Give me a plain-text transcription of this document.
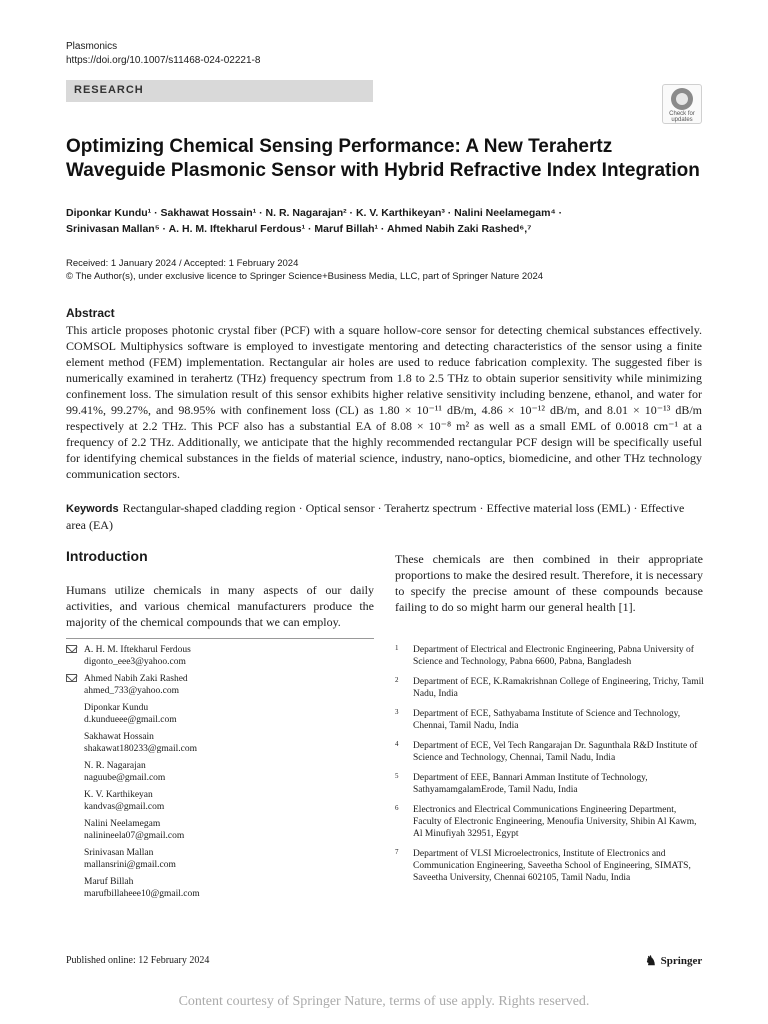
Plasmonics
https://doi.org/10.1007/s11468-024-02221-8
RESEARCH
Check for
updates
Optimizing Chemical Sensing Performance: A New Terahertz Waveguide Plasmonic Sensor with Hybrid Refractive Index Integration
Diponkar Kundu¹ · Sakhawat Hossain¹ · N. R. Nagarajan² · K. V. Karthikeyan³ · Nalini Neelamegam⁴ ·
Srinivasan Mallan⁵ · A. H. M. Iftekharul Ferdous¹ · Maruf Billah¹ · Ahmed Nabih Zaki Rashed⁶,⁷
Received: 1 January 2024 / Accepted: 1 February 2024
© The Author(s), under exclusive licence to Springer Science+Business Media, LLC, part of Springer Nature 2024
Abstract

This article proposes photonic crystal fiber (PCF) with a square hollow-core sensor for detecting chemical substances effectively. COMSOL Multiphysics software is employed to investigate mentoring and detecting characteristics of the sensor using a finite element method (FEM) implementation. Rectangular air holes are used to reduce fabrication complexity. The suggested fiber is numerically examined in terahertz (THz) frequency spectrum from 1.8 to 2.5 THz to obtain superior sensitivity while minimizing confinement loss. The simulation result of this sensor exhibits higher relative sensitivity including benzene, ethanol, and water for 99.41%, 99.27%, and 98.95% with confinement loss (CL) as 1.80 × 10⁻¹¹ dB/m, 4.86 × 10⁻¹² dB/m, and 8.01 × 10⁻¹³ dB/m respectively at 2.2 THz. This PCF also has a substantial EA of 8.08 × 10⁻⁸ m² as well as a small EML of 0.0018 cm⁻¹ at a frequency of 2.2 THz. Additionally, we anticipate that the highly recommended rectangular PCF design will be specifically useful for identifying chemical substances in the fields of material science, industry, nano-optics, biomedicine, and other THz technology communication sectors.

Keywords Rectangular-shaped cladding region · Optical sensor · Terahertz spectrum · Effective material loss (EML) · Effective area (EA)
Introduction

Humans utilize chemicals in many aspects of our daily activities, and various chemical manufacturers produce the majority of the chemical compounds that we can employ.

These chemicals are then combined in their appropriate proportions to make the desired result. Therefore, it is necessary to specify the precise amount of these compounds because failing to do so might harm our general health [1].

A. H. M. Iftekharul Ferdous
digonto_eee3@yahoo.com
Ahmed Nabih Zaki Rashed
ahmed_733@yahoo.com
Diponkar Kundu
d.kundueee@gmail.com
Sakhawat Hossain
shakawat180233@gmail.com
N. R. Nagarajan
naguube@gmail.com
K. V. Karthikeyan
kandvas@gmail.com
Nalini Neelamegam
nalinineela07@gmail.com
Srinivasan Mallan
mallansrini@gmail.com
Maruf Billah
marufbillaheee10@gmail.com
1 Department of Electrical and Electronic Engineering, Pabna University of Science and Technology, Pabna 6600, Pabna, Bangladesh
2 Department of ECE, K.Ramakrishnan College of Engineering, Trichy, Tamil Nadu, India
3 Department of ECE, Sathyabama Institute of Science and Technology, Chennai, Tamil Nadu, India
4 Department of ECE, Vel Tech Rangarajan Dr. Sagunthala R&D Institute of Science and Technology, Chennai, Tamil Nadu, India
5 Department of EEE, Bannari Amman Institute of Technology, SathyamamgalamErode, Tamil Nadu, India
6 Electronics and Electrical Communications Engineering Department, Faculty of Electronic Engineering, Menoufia University, Shibin Al Kawm, Al Minufiyah 32951, Egypt
7 Department of VLSI Microelectronics, Institute of Electronics and Communication Engineering, Saveetha School of Engineering, SIMATS, Saveetha University, Chennai 602105, Tamil Nadu, India
Published online: 12 February 2024	♞ Springer
Content courtesy of Springer Nature, terms of use apply. Rights reserved.
